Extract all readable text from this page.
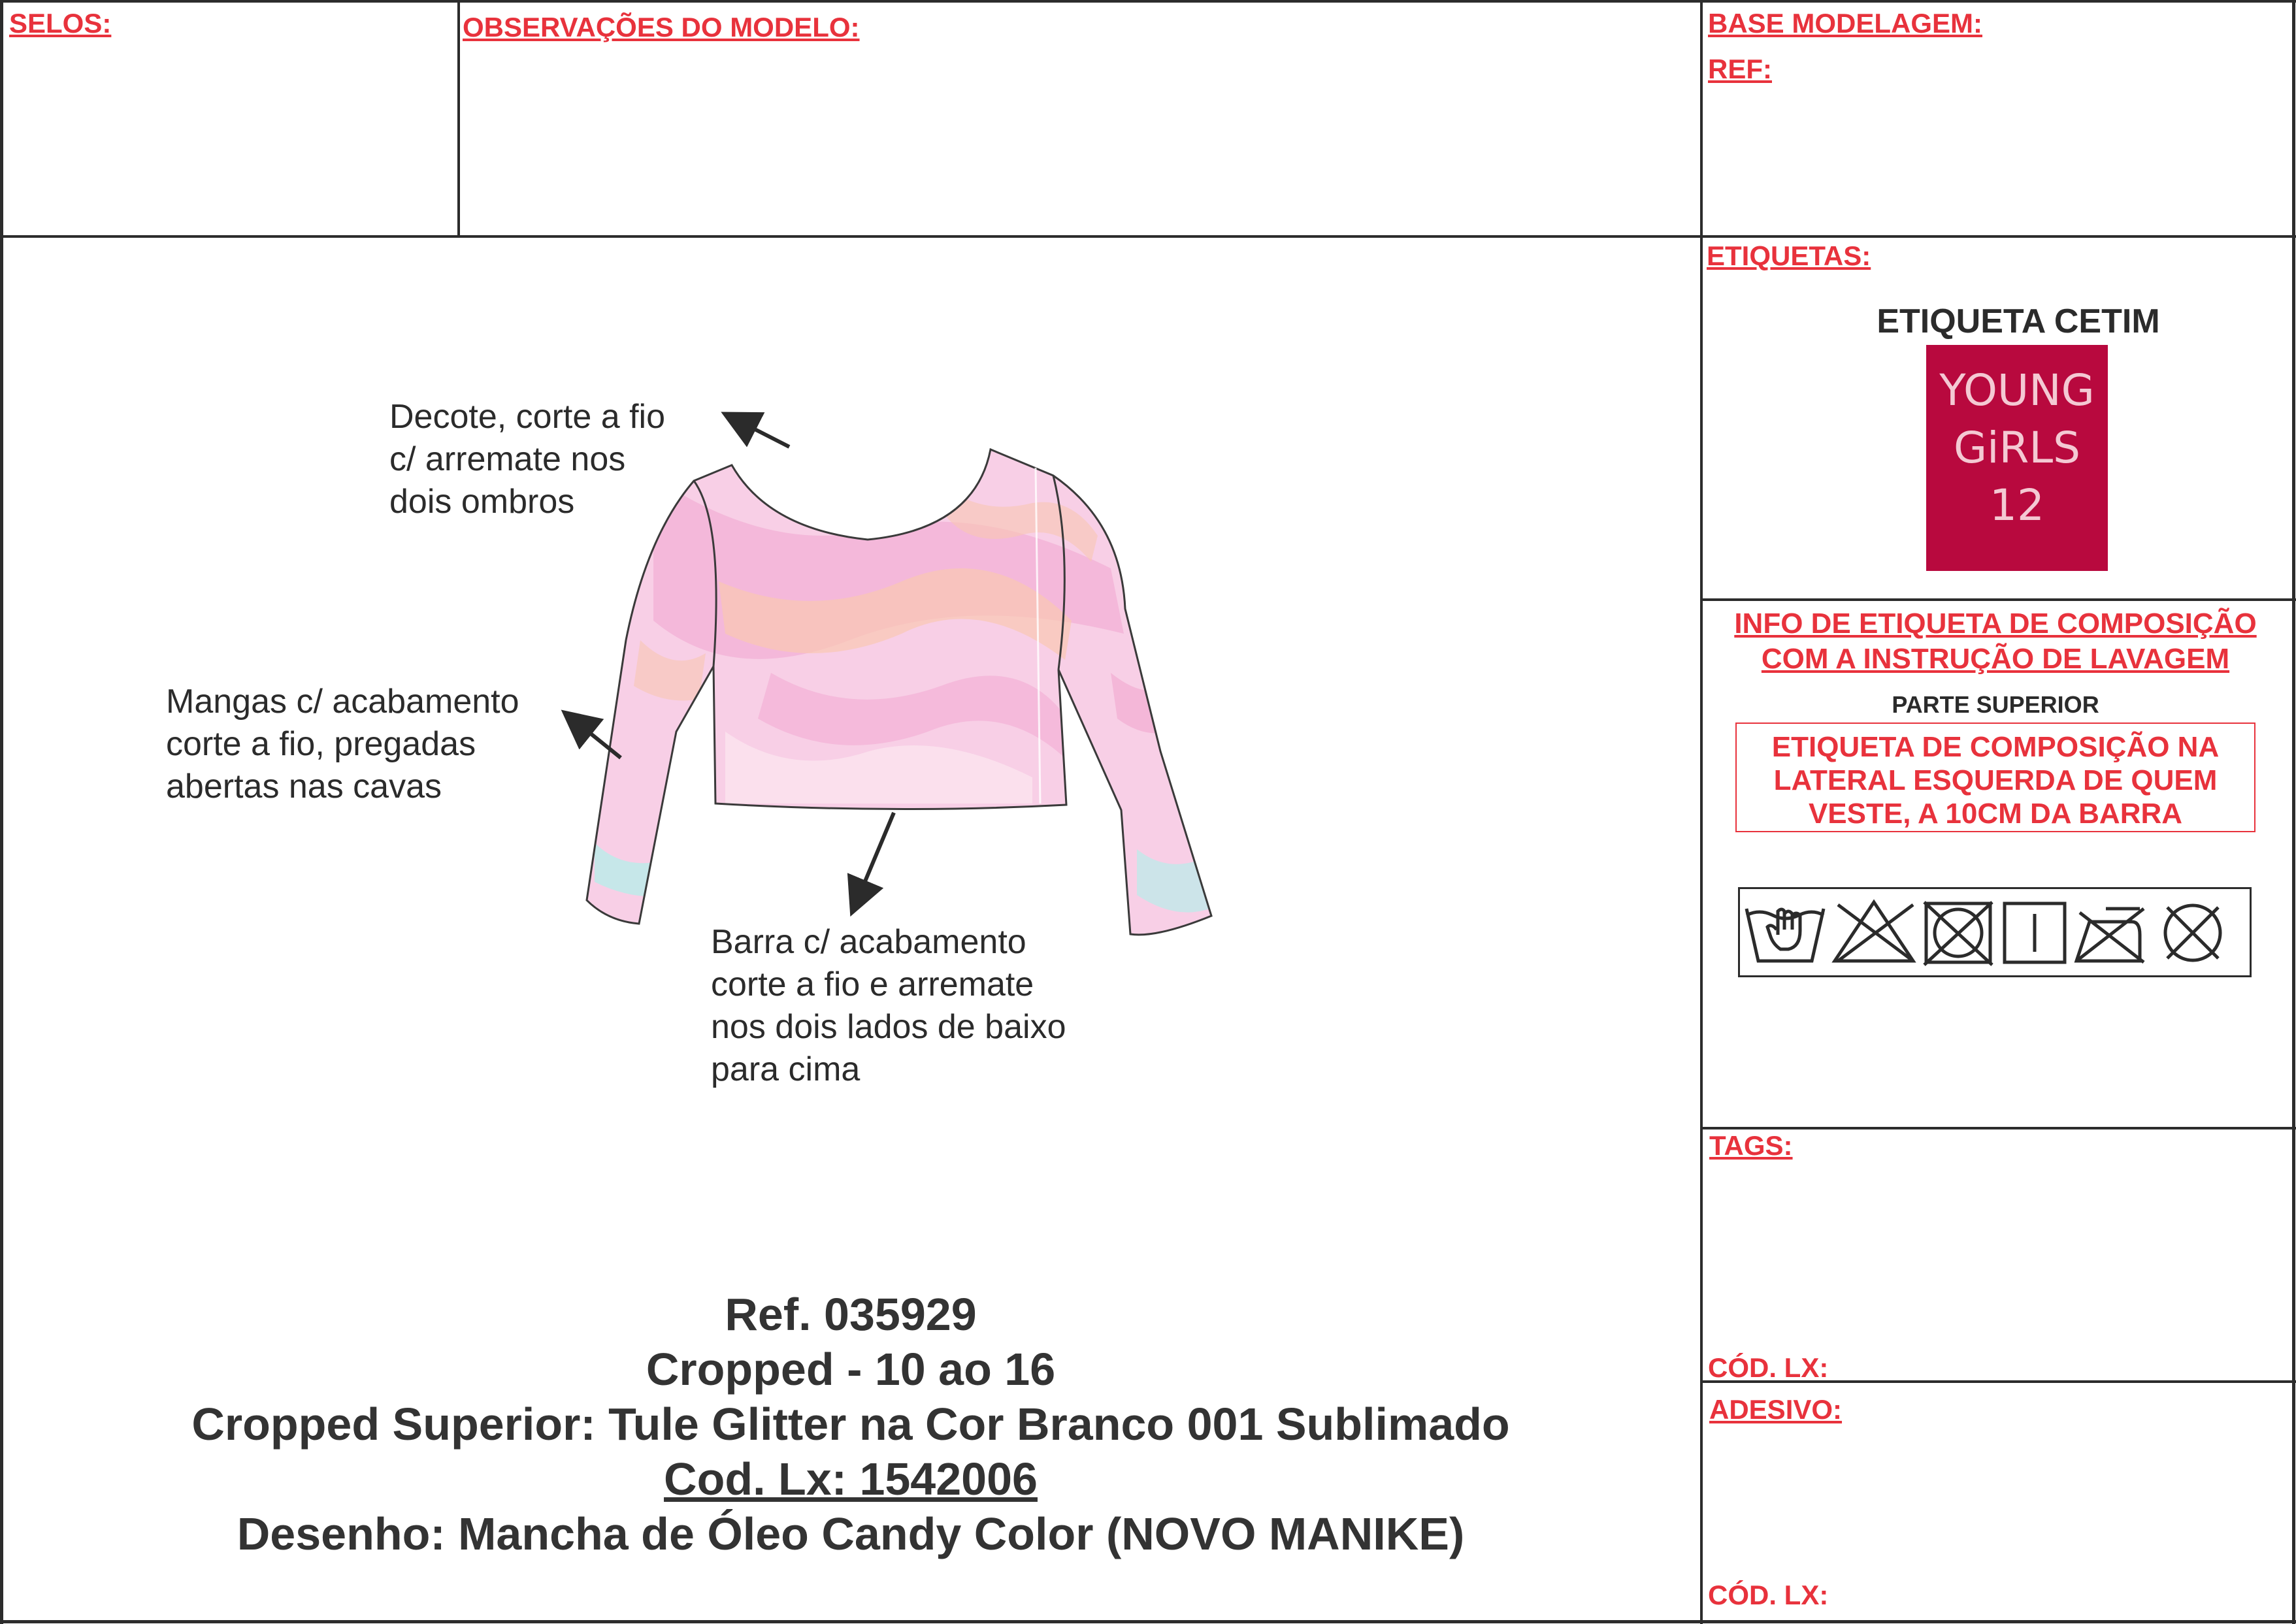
SELOS:	OBSERVAÇÕES DO MODELO:	BASE MODELAGEM:
REF:
Decote, corte a fio
c/ arremate nos
dois ombros
Mangas c/ acabamento
corte a fio, pregadas
abertas nas cavas
Barra c/ acabamento
corte a fio e arremate
nos dois lados de baixo
para cima
Ref. 035929
Cropped - 10 ao 16
Cropped Superior: Tule Glitter na Cor Branco 001 Sublimado
Cod. Lx: 1542006
Desenho: Mancha de Óleo Candy Color (NOVO MANIKE)
ETIQUETAS:
ETIQUETA CETIM
YOUNG
GiRLS
12
INFO DE ETIQUETA DE COMPOSIÇÃO
COM A INSTRUÇÃO DE LAVAGEM
PARTE SUPERIOR
ETIQUETA DE COMPOSIÇÃO NA
LATERAL ESQUERDA DE QUEM
VESTE, A 10CM DA BARRA
TAGS:
CÓD. LX:
ADESIVO:
CÓD. LX:
